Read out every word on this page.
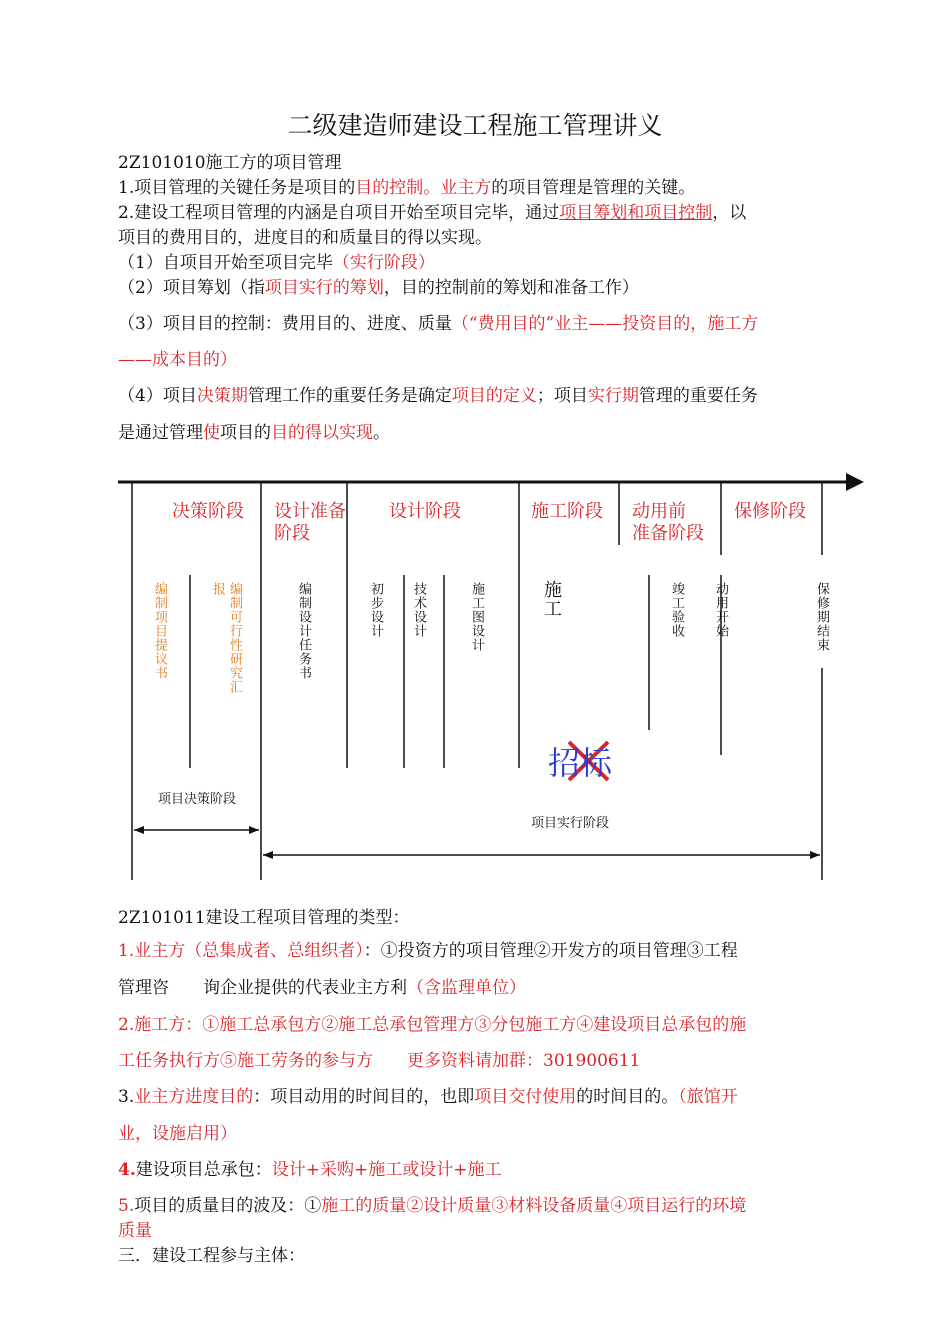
二级建造师建设工程施工管理讲义
2Z101010施工方的项目管理
1.项目管理的关键任务是项目的目的控制。业主方的项目管理是管理的关键。
2.建设工程项目管理的内涵是自项目开始至项目完毕，通过项目筹划和项目控制，以
项目的费用目的，进度目的和质量目的得以实现。
（1）自项目开始至项目完毕（实行阶段）
（2）项目筹划（指项目实行的筹划，目的控制前的筹划和准备工作）
（3）项目目的控制：费用目的、进度、质量（“费用目的”业主——投资目的，施工方
——成本目的）
（4）项目决策期管理工作的重要任务是确定项目的定义；项目实行期管理的重要任务
是通过管理使项目的目的得以实现。
决策阶段 设计准备
阶段
设计阶段	施工阶段 动用前
准备阶段
保修阶段
编制项目提议书	报 编制可行性研究汇	编制设计任务书	初步设计 技术设计	施工图设计	施工	竣工验收 动用开始	保修期结束
招标
项目决策阶段
项目实行阶段
2Z101011建设工程项目管理的类型：
1.业主方（总集成者、总组织者）：①投资方的项目管理②开发方的项目管理③工程
管理咨　　询企业提供的代表业主方利（含监理单位）
2.施工方：①施工总承包方②施工总承包管理方③分包施工方④建设项目总承包的施
工任务执行方⑤施工劳务的参与方　　更多资料请加群：301900611
3.业主方进度目的：项目动用的时间目的，也即项目交付使用的时间目的。（旅馆开
业，设施启用）
4.建设项目总承包：设计+采购+施工或设计+施工
5.项目的质量目的波及：①施工的质量②设计质量③材料设备质量④项目运行的环境
质量
三．建设工程参与主体：
